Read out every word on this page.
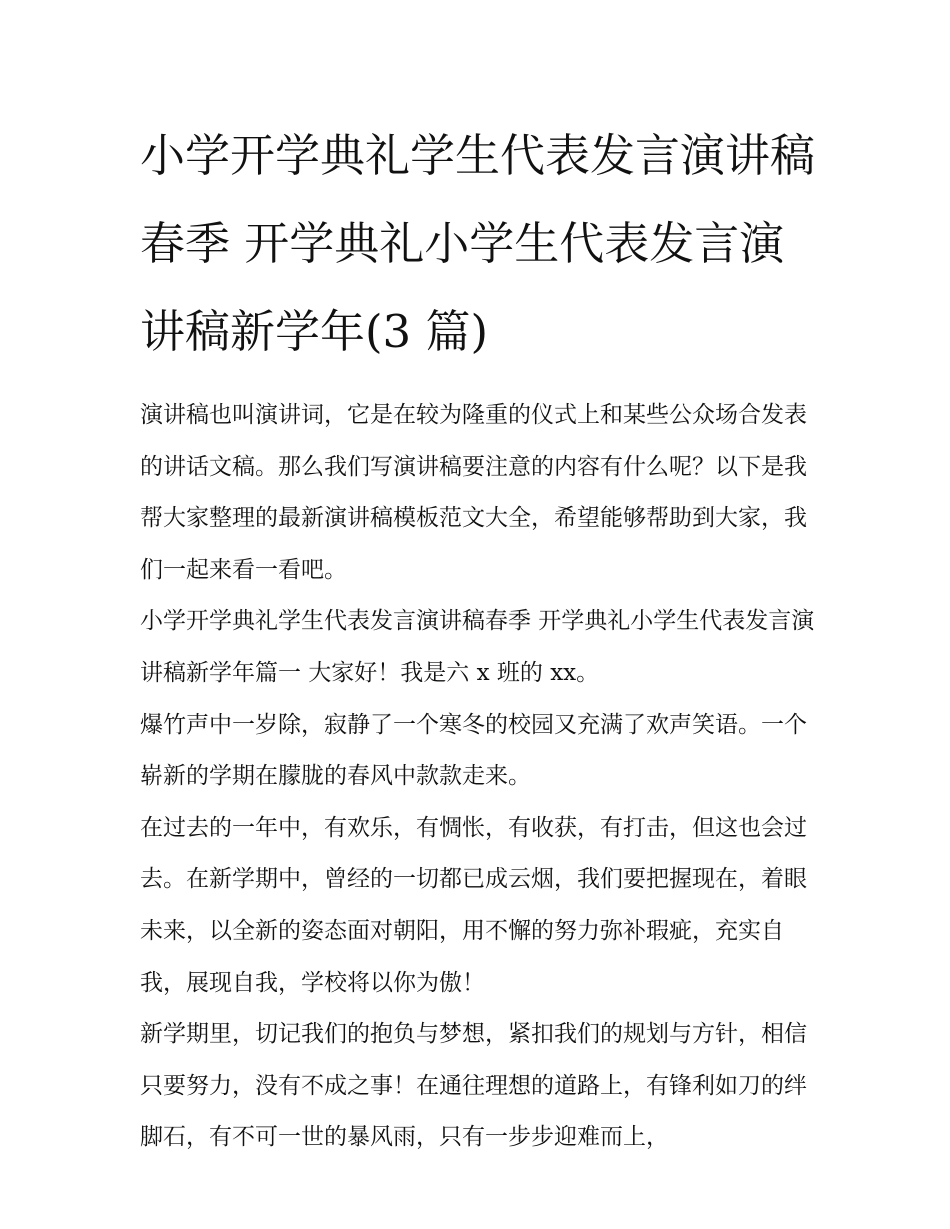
小学开学典礼学生代表发言演讲稿春季 开学典礼小学生代表发言演讲稿新学年(3 篇)

演讲稿也叫演讲词，它是在较为隆重的仪式上和某些公众场合发表的讲话文稿。那么我们写演讲稿要注意的内容有什么呢？以下是我帮大家整理的最新演讲稿模板范文大全，希望能够帮助到大家，我们一起来看一看吧。

小学开学典礼学生代表发言演讲稿春季 开学典礼小学生代表发言演讲稿新学年篇一 大家好！我是六 x 班的 xx。

爆竹声中一岁除，寂静了一个寒冬的校园又充满了欢声笑语。一个崭新的学期在朦胧的春风中款款走来。

在过去的一年中，有欢乐，有惆怅，有收获，有打击，但这也会过去。在新学期中，曾经的一切都已成云烟，我们要把握现在，着眼未来，以全新的姿态面对朝阳，用不懈的努力弥补瑕疵，充实自我，展现自我，学校将以你为傲！

新学期里，切记我们的抱负与梦想，紧扣我们的规划与方针，相信只要努力，没有不成之事！在通往理想的道路上，有锋利如刀的绊脚石，有不可一世的暴风雨，只有一步步迎难而上，
